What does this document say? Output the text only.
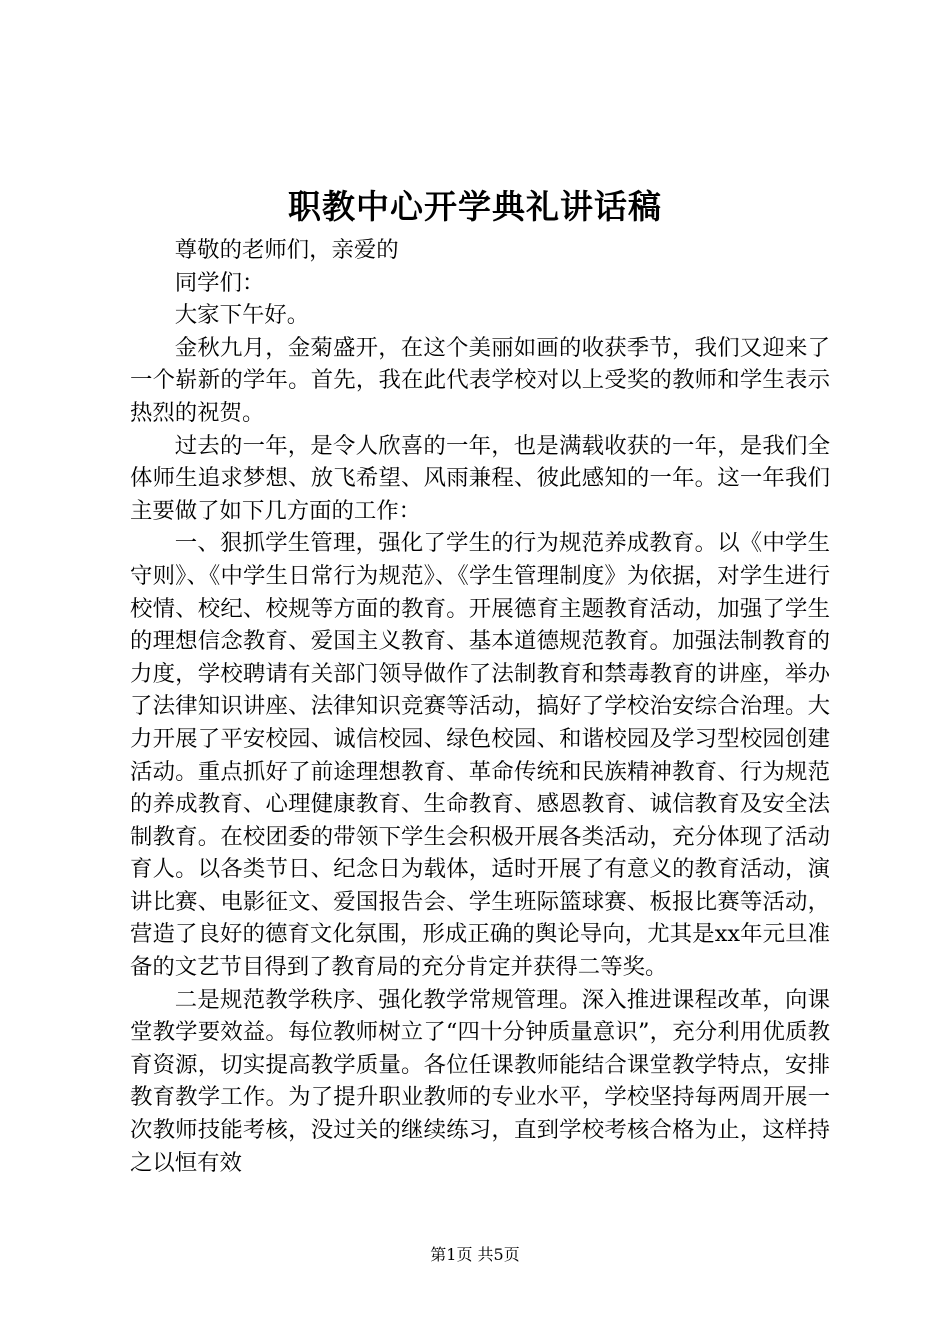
职教中心开学典礼讲话稿

尊敬的老师们，亲爱的

同学们：

大家下午好。

金秋九月，金菊盛开，在这个美丽如画的收获季节，我们又迎来了一个崭新的学年。首先，我在此代表学校对以上受奖的教师和学生表示热烈的祝贺。

过去的一年，是令人欣喜的一年，也是满载收获的一年，是我们全体师生追求梦想、放飞希望、风雨兼程、彼此感知的一年。这一年我们主要做了如下几方面的工作：

一、狠抓学生管理，强化了学生的行为规范养成教育。以《中学生守则》、《中学生日常行为规范》、《学生管理制度》为依据，对学生进行校情、校纪、校规等方面的教育。开展德育主题教育活动，加强了学生的理想信念教育、爱国主义教育、基本道德规范教育。加强法制教育的力度，学校聘请有关部门领导做作了法制教育和禁毒教育的讲座，举办了法律知识讲座、法律知识竞赛等活动，搞好了学校治安综合治理。大力开展了平安校园、诚信校园、绿色校园、和谐校园及学习型校园创建活动。重点抓好了前途理想教育、革命传统和民族精神教育、行为规范的养成教育、心理健康教育、生命教育、感恩教育、诚信教育及安全法制教育。在校团委的带领下学生会积极开展各类活动，充分体现了活动育人。以各类节日、纪念日为载体，适时开展了有意义的教育活动，演讲比赛、电影征文、爱国报告会、学生班际篮球赛、板报比赛等活动，营造了良好的德育文化氛围，形成正确的舆论导向，尤其是xx年元旦准备的文艺节目得到了教育局的充分肯定并获得二等奖。

二是规范教学秩序、强化教学常规管理。深入推进课程改革，向课堂教学要效益。每位教师树立了“四十分钟质量意识”，充分利用优质教育资源，切实提高教学质量。各位任课教师能结合课堂教学特点，安排教育教学工作。为了提升职业教师的专业水平，学校坚持每两周开展一次教师技能考核，没过关的继续练习，直到学校考核合格为止，这样持之以恒有效

第1页 共5页
